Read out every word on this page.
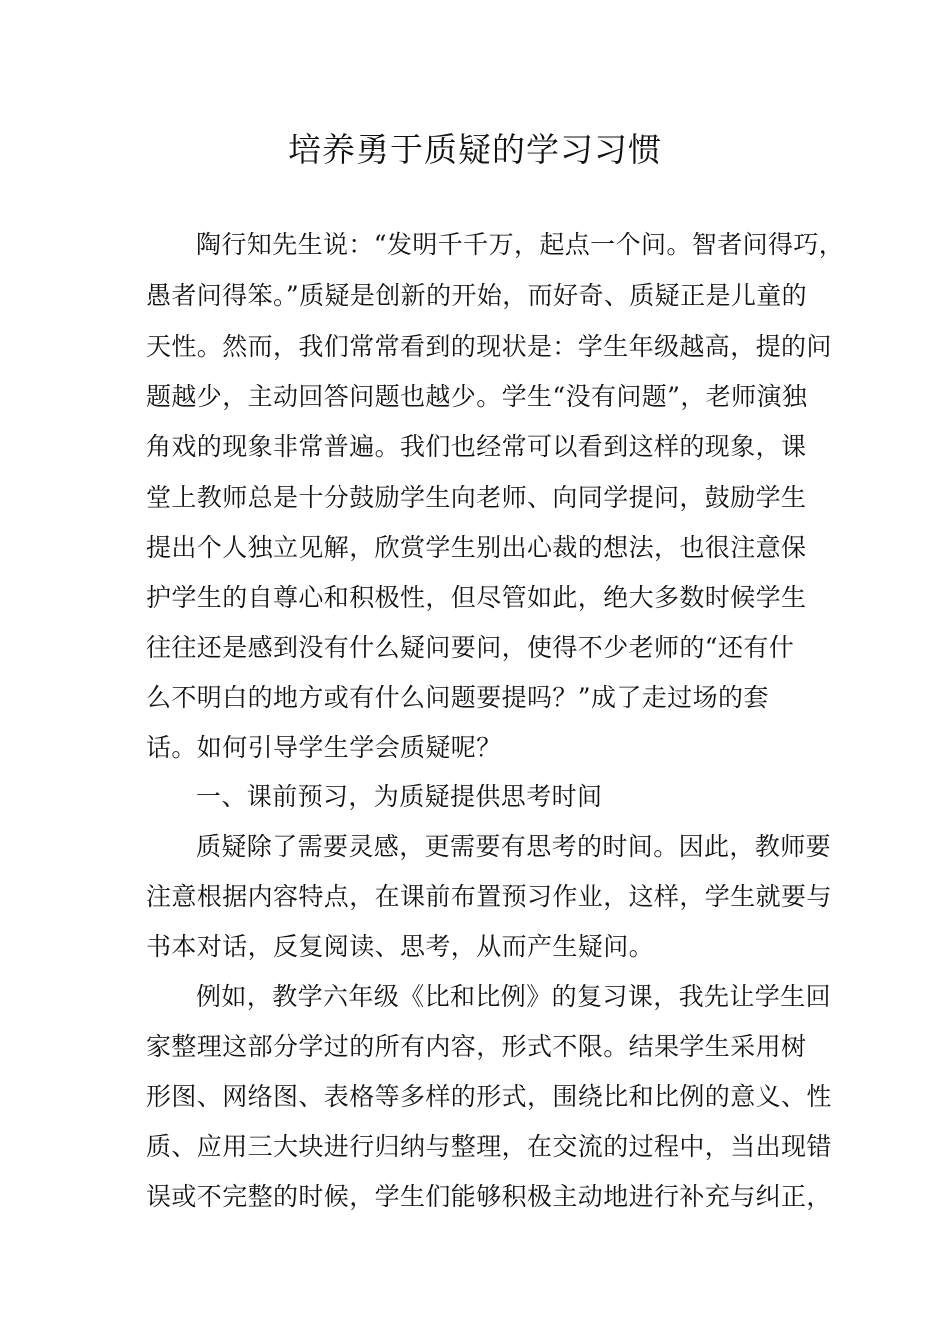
培养勇于质疑的学习习惯
陶行知先生说：“发明千千万，起点一个问。智者问得巧，
愚者问得笨。”质疑是创新的开始，而好奇、质疑正是儿童的
天性。然而，我们常常看到的现状是：学生年级越高，提的问
题越少，主动回答问题也越少。学生“没有问题”，老师演独
角戏的现象非常普遍。我们也经常可以看到这样的现象，课
堂上教师总是十分鼓励学生向老师、向同学提问，鼓励学生
提出个人独立见解，欣赏学生别出心裁的想法，也很注意保
护学生的自尊心和积极性，但尽管如此，绝大多数时候学生
往往还是感到没有什么疑问要问，使得不少老师的“还有什
么不明白的地方或有什么问题要提吗？”成了走过场的套
话。如何引导学生学会质疑呢？
一、课前预习，为质疑提供思考时间
质疑除了需要灵感，更需要有思考的时间。因此，教师要
注意根据内容特点，在课前布置预习作业，这样，学生就要与
书本对话，反复阅读、思考，从而产生疑问。
例如，教学六年级《比和比例》的复习课，我先让学生回
家整理这部分学过的所有内容，形式不限。结果学生采用树
形图、网络图、表格等多样的形式，围绕比和比例的意义、性
质、应用三大块进行归纳与整理，在交流的过程中，当出现错
误或不完整的时候，学生们能够积极主动地进行补充与纠正，
